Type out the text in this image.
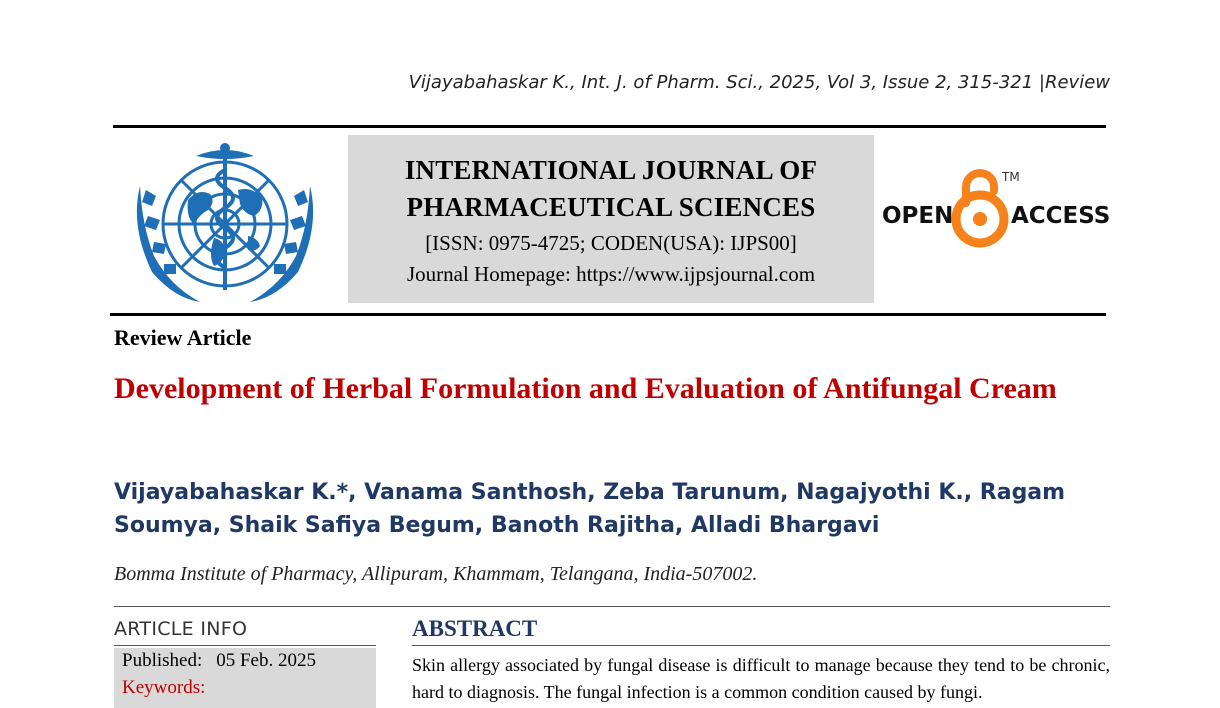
Vijayabahaskar K., Int. J. of Pharm. Sci., 2025, Vol 3, Issue 2, 315-321 |Review
INTERNATIONAL JOURNAL OF PHARMACEUTICAL SCIENCES
[ISSN: 0975-4725; CODEN(USA): IJPS00]
Journal Homepage: https://www.ijpsjournal.com
OPEN
TM
ACCESS
Review Article
Development of Herbal Formulation and Evaluation of Antifungal Cream
Vijayabahaskar K.*, Vanama Santhosh, Zeba Tarunum, Nagajyothi K., Ragam Soumya, Shaik Safiya Begum, Banoth Rajitha, Alladi Bhargavi
Bomma Institute of Pharmacy, Allipuram, Khammam, Telangana, India-507002.
ARTICLE INFO
Published: 05 Feb. 2025
Keywords:
ABSTRACT
Skin allergy associated by fungal disease is difficult to manage because they tend to be chronic, hard to diagnosis. The fungal infection is a common condition caused by fungi.
